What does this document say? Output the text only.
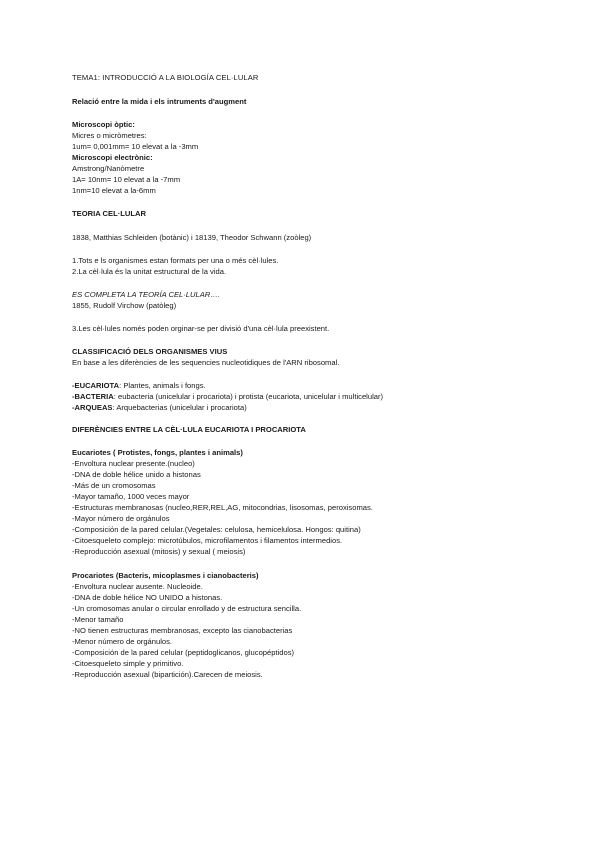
TEMA1: INTRODUCCIÓ A LA BIOLOGÍA CEL·LULAR
Relació entre la mida i els intruments d'augment
Microscopi òptic:
Micres o micròmetres:
1um= 0,001mm= 10 elevat a la -3mm
Microscopi electrònic:
Amstrong/Nanòmetre
1A= 10nm= 10 elevat a la -7mm
1nm=10 elevat a la-6mm
TEORIA CEL·LULAR
1838, Matthias Schleiden (botànic) i 18139, Theodor Schwann (zoòleg)
1.Tots e ls organismes estan formats per una o més cèl·lules.
2.La cèl·lula és la unitat estructural de la vida.
ES COMPLETA LA TEORÍA CEL·LULAR….
1855, Rudolf Virchow (patòleg)
3.Les cèl·lules només poden orginar-se per divisió d'una cèl·lula preexistent.
CLASSIFICACIÓ DELS ORGANISMES VIUS
En base a les diferències de les sequencies nucleotidiques de l'ARN ribosomal.
-EUCARIOTA: Plantes, animals i fongs.
-BACTERIA: eubacteria (unicelular i procariota) i protista (eucariota, unicelular i multicelular)
-ARQUEAS: Arquebacterias (unicelular i procariota)
DIFERÈNCIES ENTRE LA CÈL·LULA EUCARIOTA I PROCARIOTA
Eucariotes ( Protistes, fongs, plantes i animals)
-Envoltura nuclear presente.(nucleo)
-DNA de doble hélice unido a histonas
-Más de un cromosomas
-Mayor tamaño, 1000 veces mayor
-Estructuras membranosas (nucleo,RER,REL,AG, mitocondrias, lisosomas, peroxisomas.
-Mayor número de orgánulos
-Composición de la pared celular.(Vegetales: celulosa, hemicelulosa. Hongos: quitina)
-Citoesqueleto complejo: microtúbulos, microfilamentos i filamentos intermedios.
-Reproducción asexual (mitosis) y sexual ( meiosis)
Procariotes (Bacteris, micoplasmes i cianobacteris)
-Envoltura nuclear ausente. Nucleoide.
-DNA de doble hélice NO UNIDO a histonas.
-Un cromosomas anular o circular enrollado y de estructura sencilla.
-Menor tamaño
-NO tienen estructuras membranosas, excepto las cianobacterias
-Menor número de orgánulos.
-Composición de la pared celular (peptidoglicanos, glucopéptidos)
-Citoesqueleto simple y primitivo.
-Reproducción asexual (bipartición).Carecen de meiosis.
